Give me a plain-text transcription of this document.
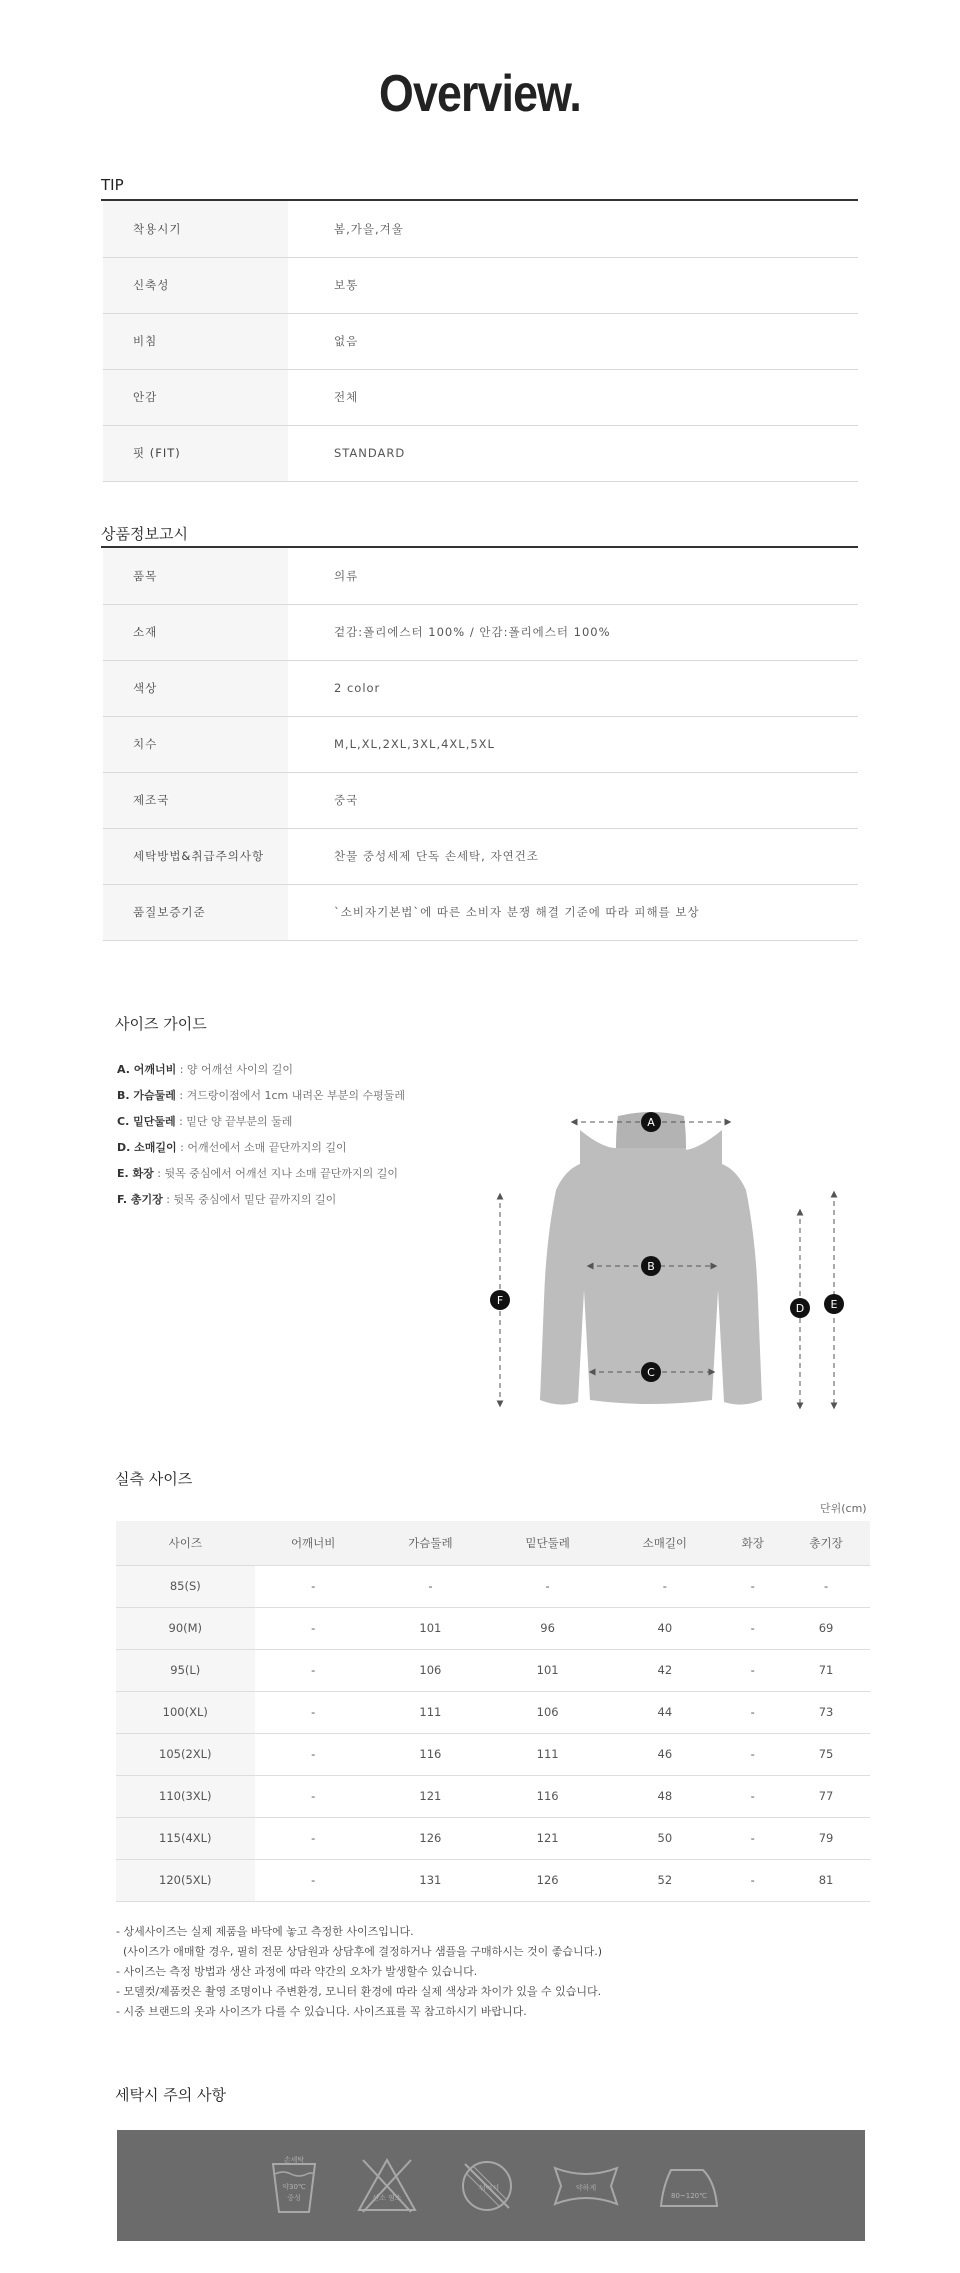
Overview.
TIP
착용시기	봄,가을,겨울
신축성	보통
비침	없음
안감	전체
핏 (FIT)	STANDARD
상품정보고시
품목	의류
소재	겉감:폴리에스터 100% / 안감:폴리에스터 100%
색상	2 color
치수	M,L,XL,2XL,3XL,4XL,5XL
제조국	중국
세탁방법&취급주의사항	찬물 중성세제 단독 손세탁, 자연건조
품질보증기준	`소비자기본법`에 따른 소비자 분쟁 해결 기준에 따라 피해를 보상
사이즈 가이드
A. 어깨너비 : 양 어깨선 사이의 길이
B. 가슴둘레 : 겨드랑이점에서 1cm 내려온 부분의 수평둘레
C. 밑단둘레 : 밑단 양 끝부분의 둘레
D. 소매길이 : 어깨선에서 소매 끝단까지의 길이
E. 화장 : 뒷목 중심에서 어깨선 지나 소매 끝단까지의 길이
F. 총기장 : 뒷목 중심에서 밑단 끝까지의 길이
A
B
C
D E
F
실측 사이즈
단위(cm)
사이즈	어깨너비	가슴둘레	밑단둘레	소매길이	화장	총기장
85(S)	-	-	-	-	-	-
90(M)	-	101	96	40	-	69
95(L)	-	106	101	42	-	71
100(XL)	-	111	106	44	-	73
105(2XL)	-	116	111	46	-	75
110(3XL)	-	121	116	48	-	77
115(4XL)	-	126	121	50	-	79
120(5XL)	-	131	126	52	-	81
- 상세사이즈는 실제 제품을 바닥에 놓고 측정한 사이즈입니다.
(사이즈가 애매할 경우, 필히 전문 상담원과 상담후에 결정하거나 샘플을 구매하시는 것이 좋습니다.)
- 사이즈는 측정 방법과 생산 과정에 따라 약간의 오차가 발생할수 있습니다.
- 모델컷/제품컷은 촬영 조명이나 주변환경, 모니터 환경에 따라 실제 색상과 차이가 있을 수 있습니다.
- 시중 브랜드의 옷과 사이즈가 다를 수 있습니다. 사이즈표를 꼭 참고하시기 바랍니다.
세탁시 주의 사항
손세탁
약30℃
중성	산소 염소
뉘어서	약하게
80~120℃
